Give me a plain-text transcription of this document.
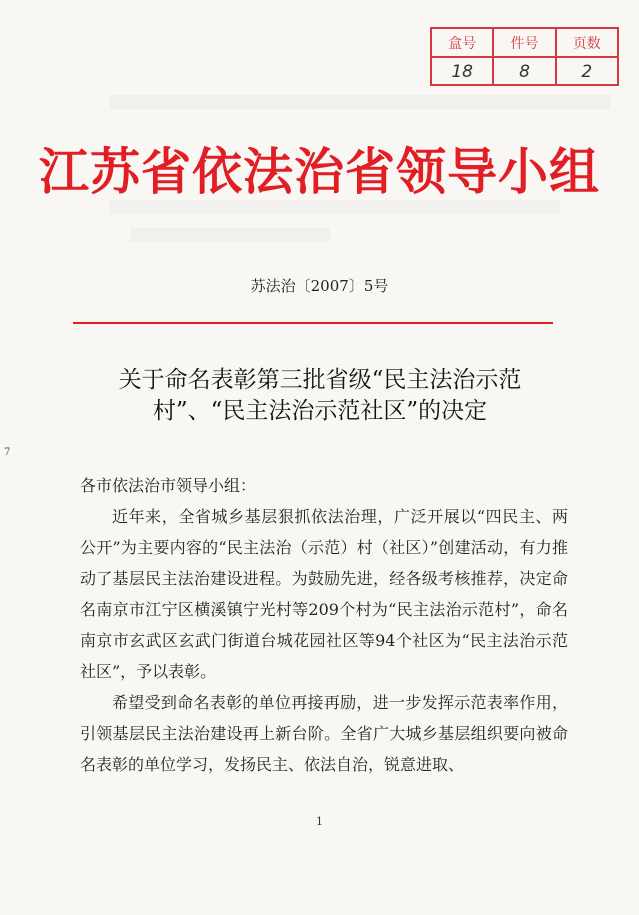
盒号	件号	页数
18	8	2
江苏省依法治省领导小组
苏法治〔2007〕5号
关于命名表彰第三批省级“民主法治示范
村”、“民主法治示范社区”的决定

各市依法治市领导小组：

近年来，全省城乡基层狠抓依法治理，广泛开展以“四民主、两公开”为主要内容的“民主法治（示范）村（社区）”创建活动，有力推动了基层民主法治建设进程。为鼓励先进，经各级考核推荐，决定命名南京市江宁区横溪镇宁光村等209个村为“民主法治示范村”，命名南京市玄武区玄武门街道台城花园社区等94个社区为“民主法治示范社区”，予以表彰。

希望受到命名表彰的单位再接再励，进一步发挥示范表率作用，引领基层民主法治建设再上新台阶。全省广大城乡基层组织要向被命名表彰的单位学习，发扬民主、依法自治，锐意进取、

7
1
